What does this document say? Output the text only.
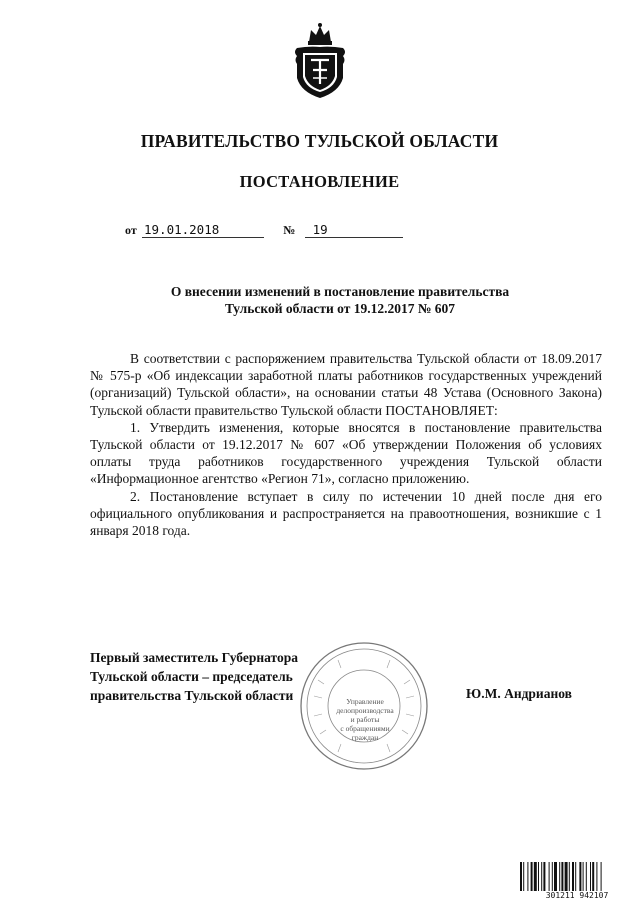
ПРАВИТЕЛЬСТВО ТУЛЬСКОЙ ОБЛАСТИ
ПОСТАНОВЛЕНИЕ
от 19.01.2018	№ 19
О внесении изменений в постановление правительства
Тульской области от 19.12.2017 № 607

В соответствии с распоряжением правительства Тульской области от 18.09.2017 № 575-р «Об индексации заработной платы работников государственных учреждений (организаций) Тульской области», на основании статьи 48 Устава (Основного Закона) Тульской области правительство Тульской области ПОСТАНОВЛЯЕТ:

1. Утвердить изменения, которые вносятся в постановление правительства Тульской области от 19.12.2017 № 607 «Об утверждении Положения об условиях оплаты труда работников государственного учреждения Тульской области «Информационное агентство «Регион 71», согласно приложению.

2. Постановление вступает в силу по истечении 10 дней после дня его официального опубликования и распространяется на правоотношения, возникшие с 1 января 2018 года.

Управление
делопроизводства
и работы
с обращениями
граждан
Первый заместитель Губернатора
Тульской области – председатель
правительства Тульской области	Ю.М. Андрианов
301211 942107
